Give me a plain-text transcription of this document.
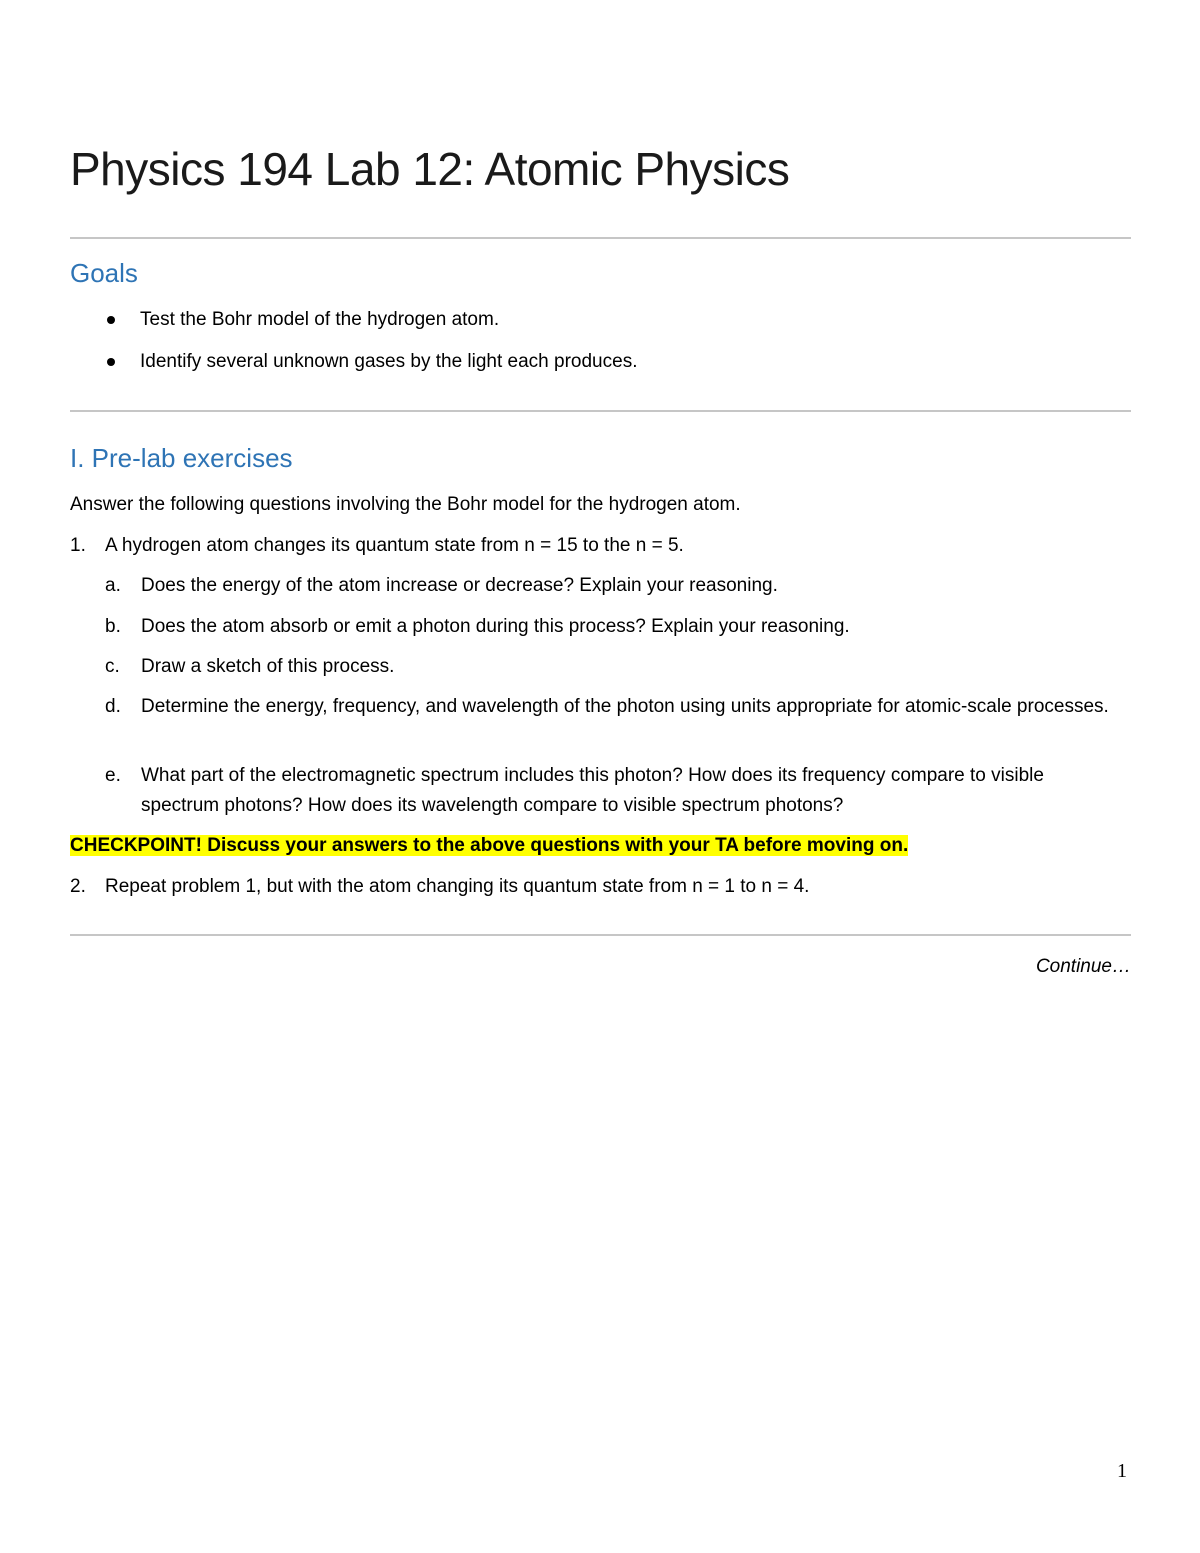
Physics 194 Lab 12: Atomic Physics
Goals
Test the Bohr model of the hydrogen atom.
Identify several unknown gases by the light each produces.
I. Pre-lab exercises
Answer the following questions involving the Bohr model for the hydrogen atom.
1.	A hydrogen atom changes its quantum state from n = 15 to the n = 5.
a.	Does the energy of the atom increase or decrease? Explain your reasoning.
b.	Does the atom absorb or emit a photon during this process? Explain your reasoning.
c.	Draw a sketch of this process.
d.	Determine the energy, frequency, and wavelength of the photon using units appropriate for atomic-scale processes.
e.	What part of the electromagnetic spectrum includes this photon? How does its frequency compare to visible spectrum photons? How does its wavelength compare to visible spectrum photons?
CHECKPOINT! Discuss your answers to the above questions with your TA before moving on.
2.	Repeat problem 1, but with the atom changing its quantum state from n = 1 to n = 4.
Continue…
1
